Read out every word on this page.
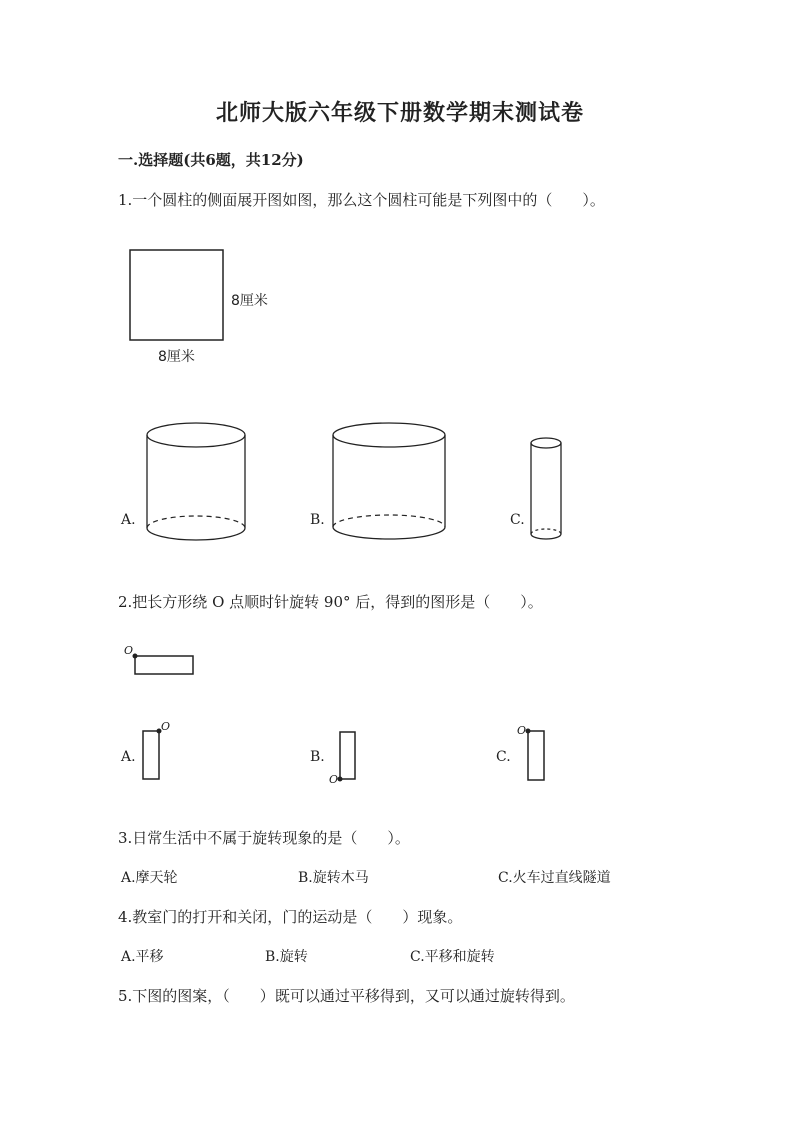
北师大版六年级下册数学期末测试卷
一.选择题(共6题，共12分)
1.一个圆柱的侧面展开图如图，那么这个圆柱可能是下列图中的（　　）。
8厘米
8厘米
A.	B.	C.
2.把长方形绕 O 点顺时针旋转 90° 后，得到的图形是（　　）。
O
O
O
O
A.	B.	C.
3.日常生活中不属于旋转现象的是（　　）。
A.摩天轮	B.旋转木马	C.火车过直线隧道
4.教室门的打开和关闭，门的运动是（　　）现象。
A.平移	B.旋转	C.平移和旋转
5.下图的图案，（　　）既可以通过平移得到，又可以通过旋转得到。
